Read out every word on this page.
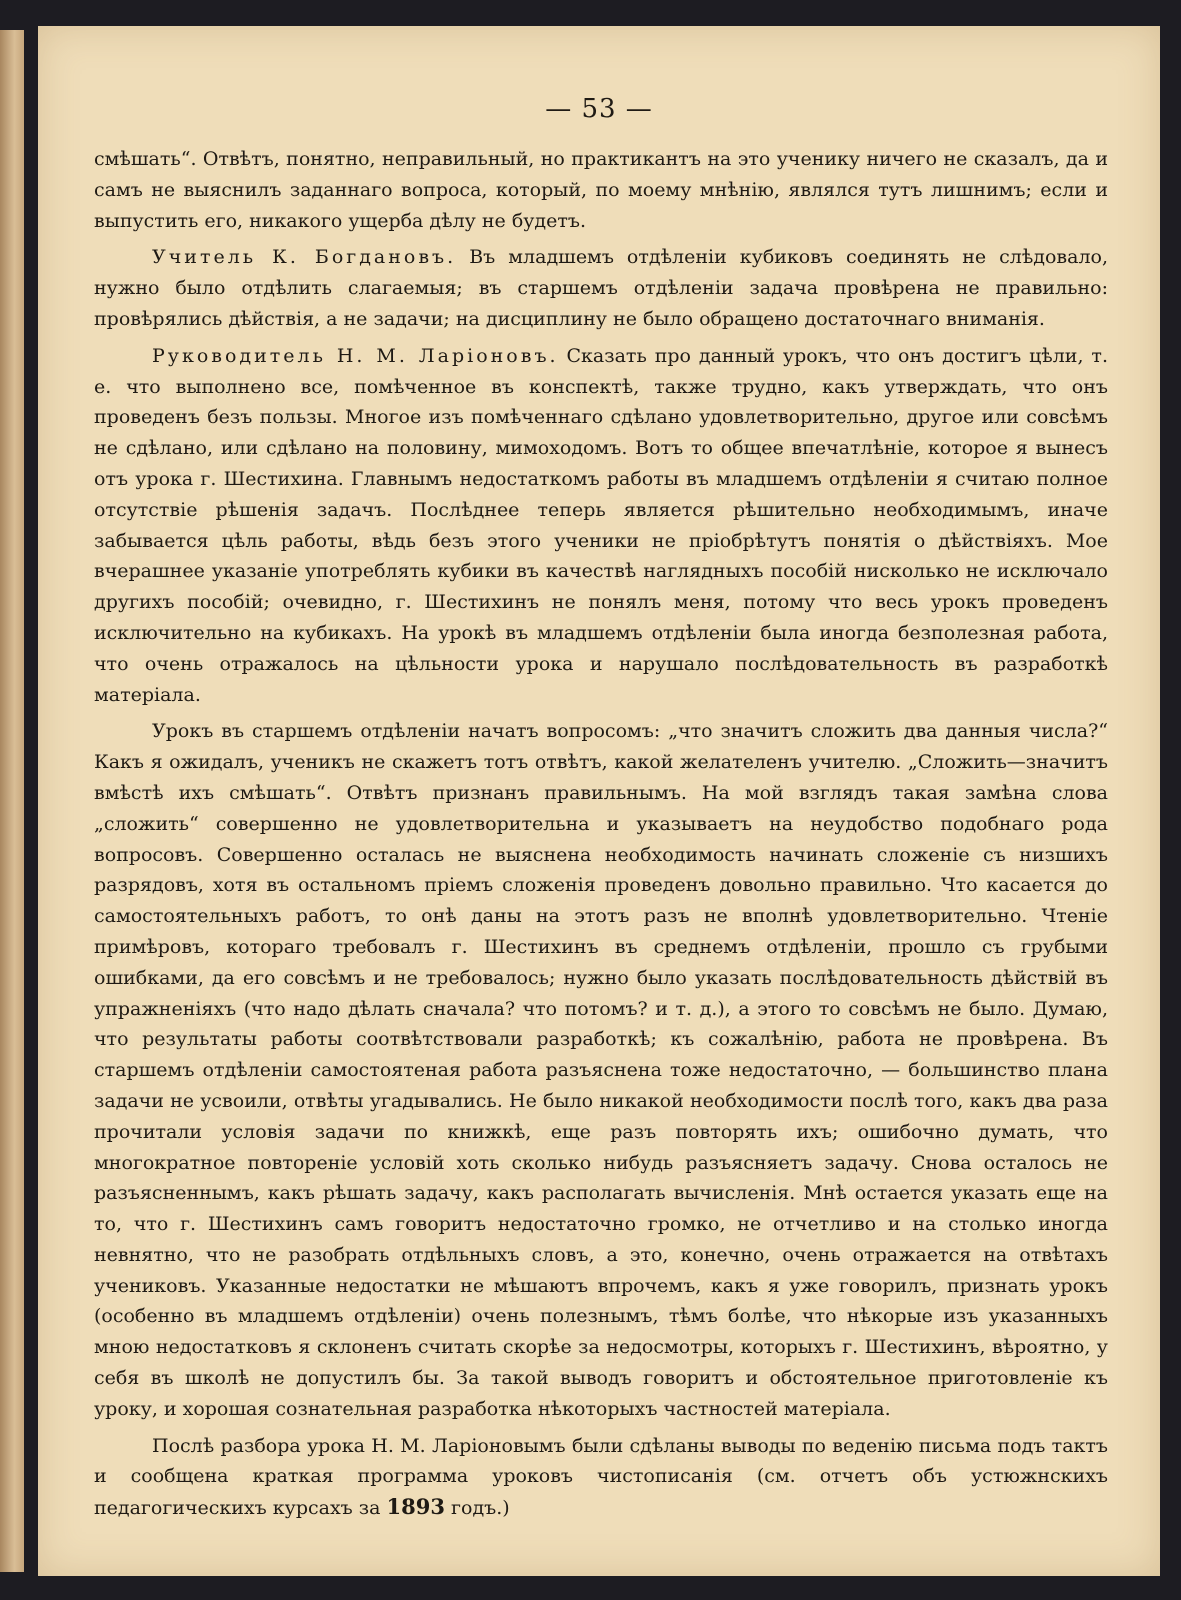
— 53 —

смѣшать“. Отвѣтъ, понятно, неправильный, но практикантъ на это ученику ничего не сказалъ, да и самъ не выяснилъ заданнаго вопроса, который, по моему мнѣнію, являлся тутъ лишнимъ; если и выпустить его, никакого ущерба дѣлу не будетъ.

Учитель К. Богдановъ. Въ младшемъ отдѣленіи кубиковъ соединять не слѣдовало, нужно было отдѣлить слагаемыя; въ старшемъ отдѣленіи задача провѣрена не правильно: провѣрялись дѣйствія, а не задачи; на дисциплину не было обращено достаточнаго вниманія.

Руководитель Н. М. Ларіоновъ. Сказать про данный урокъ, что онъ достигъ цѣли, т. е. что выполнено все, помѣченное въ конспектѣ, также трудно, какъ утверждать, что онъ проведенъ безъ пользы. Многое изъ помѣченнаго сдѣлано удовлетворительно, другое или совсѣмъ не сдѣлано, или сдѣлано на половину, мимоходомъ. Вотъ то общее впечатлѣніе, которое я вынесъ отъ урока г. Шестихина. Главнымъ недостаткомъ работы въ младшемъ отдѣленіи я считаю полное отсутствіе рѣшенія задачъ. Послѣднее теперь является рѣшительно необходимымъ, иначе забывается цѣль работы, вѣдь безъ этого ученики не пріобрѣтутъ понятія о дѣйствіяхъ. Мое вчерашнее указаніе употреблять кубики въ качествѣ наглядныхъ пособій нисколько не исключало другихъ пособій; очевидно, г. Шестихинъ не понялъ меня, потому что весь урокъ проведенъ исключительно на кубикахъ. На урокѣ въ младшемъ отдѣленіи была иногда безполезная работа, что очень отражалось на цѣльности урока и нарушало послѣдовательность въ разработкѣ матеріала.

Урокъ въ старшемъ отдѣленіи начатъ вопросомъ: „что значитъ сложить два данныя числа?“ Какъ я ожидалъ, ученикъ не скажетъ тотъ отвѣтъ, какой желателенъ учителю. „Сложить—значитъ вмѣстѣ ихъ смѣшать“. Отвѣтъ признанъ правильнымъ. На мой взглядъ такая замѣна слова „сложить“ совершенно не удовлетворительна и указываетъ на неудобство подобнаго рода вопросовъ. Совершенно осталась не выяснена необходимость начинать сложеніе съ низшихъ разрядовъ, хотя въ остальномъ пріемъ сложенія проведенъ довольно правильно. Что касается до самостоятельныхъ работъ, то онѣ даны на этотъ разъ не вполнѣ удовлетворительно. Чтеніе примѣровъ, котораго требовалъ г. Шестихинъ въ среднемъ отдѣленіи, прошло съ грубыми ошибками, да его совсѣмъ и не требовалось; нужно было указать послѣдовательность дѣйствій въ упражненіяхъ (что надо дѣлать сначала? что потомъ? и т. д.), а этого то совсѣмъ не было. Думаю, что результаты работы соотвѣтствовали разработкѣ; къ сожалѣнію, работа не провѣрена. Въ старшемъ отдѣленіи самостоятеная работа разъяснена тоже недостаточно, — большинство плана задачи не усвоили, отвѣты угадывались. Не было никакой необходимости послѣ того, какъ два раза прочитали условія задачи по книжкѣ, еще разъ повторять ихъ; ошибочно думать, что многократное повтореніе условій хоть сколько нибудь разъясняетъ задачу. Снова осталось не разъясненнымъ, какъ рѣшать задачу, какъ располагать вычисленія. Мнѣ остается указать еще на то, что г. Шестихинъ самъ говоритъ недостаточно громко, не отчетливо и на столько иногда невнятно, что не разобрать отдѣльныхъ словъ, а это, конечно, очень отражается на отвѣтахъ учениковъ. Указанные недостатки не мѣшаютъ впрочемъ, какъ я уже говорилъ, признать урокъ (особенно въ младшемъ отдѣленіи) очень полезнымъ, тѣмъ болѣе, что нѣкорые изъ указанныхъ мною недостатковъ я склоненъ считать скорѣе за недосмотры, которыхъ г. Шестихинъ, вѣроятно, у себя въ школѣ не допустилъ бы. За такой выводъ говоритъ и обстоятельное приготовленіе къ уроку, и хорошая сознательная разработка нѣкоторыхъ частностей матеріала.

Послѣ разбора урока Н. М. Ларіоновымъ были сдѣланы выводы по веденію письма подъ тактъ и сообщена краткая программа уроковъ чистописанія (см. отчетъ объ устюжнскихъ педагогическихъ курсахъ за 1893 годъ.)
